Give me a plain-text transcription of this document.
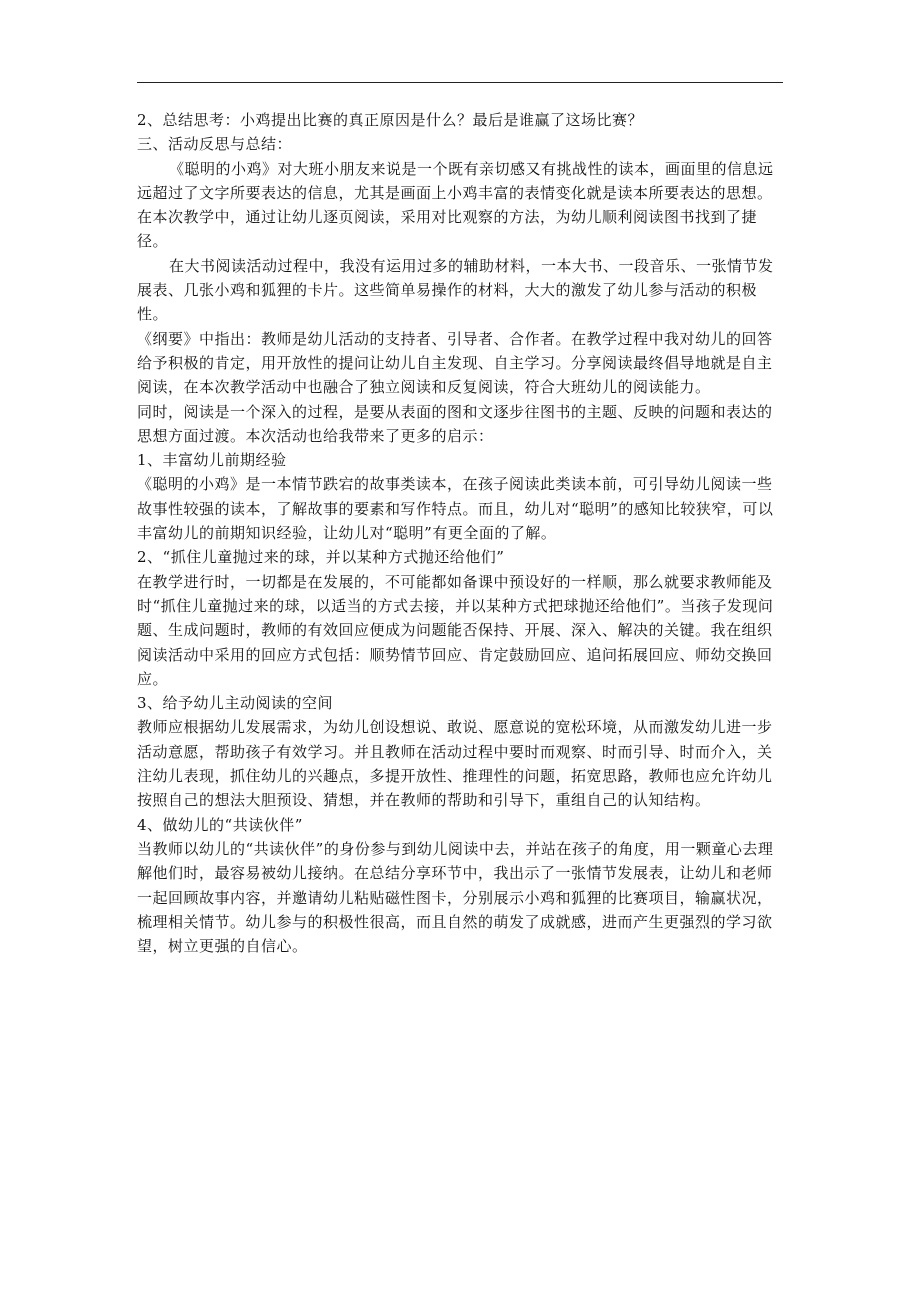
2、总结思考：小鸡提出比赛的真正原因是什么？最后是谁赢了这场比赛？

三、活动反思与总结：

《聪明的小鸡》对大班小朋友来说是一个既有亲切感又有挑战性的读本，画面里的信息远远超过了文字所要表达的信息，尤其是画面上小鸡丰富的表情变化就是读本所要表达的思想。在本次教学中，通过让幼儿逐页阅读，采用对比观察的方法，为幼儿顺利阅读图书找到了捷径。

在大书阅读活动过程中，我没有运用过多的辅助材料，一本大书、一段音乐、一张情节发展表、几张小鸡和狐狸的卡片。这些简单易操作的材料，大大的激发了幼儿参与活动的积极性。

《纲要》中指出：教师是幼儿活动的支持者、引导者、合作者。在教学过程中我对幼儿的回答给予积极的肯定，用开放性的提问让幼儿自主发现、自主学习。分享阅读最终倡导地就是自主阅读，在本次教学活动中也融合了独立阅读和反复阅读，符合大班幼儿的阅读能力。

同时，阅读是一个深入的过程，是要从表面的图和文逐步往图书的主题、反映的问题和表达的思想方面过渡。本次活动也给我带来了更多的启示：

1、丰富幼儿前期经验

《聪明的小鸡》是一本情节跌宕的故事类读本，在孩子阅读此类读本前，可引导幼儿阅读一些故事性较强的读本，了解故事的要素和写作特点。而且，幼儿对“聪明”的感知比较狭窄，可以丰富幼儿的前期知识经验，让幼儿对“聪明”有更全面的了解。

2、“抓住儿童抛过来的球，并以某种方式抛还给他们”

在教学进行时，一切都是在发展的，不可能都如备课中预设好的一样顺，那么就要求教师能及时“抓住儿童抛过来的球，以适当的方式去接，并以某种方式把球抛还给他们”。当孩子发现问题、生成问题时，教师的有效回应便成为问题能否保持、开展、深入、解决的关键。我在组织阅读活动中采用的回应方式包括：顺势情节回应、肯定鼓励回应、追问拓展回应、师幼交换回应。

3、给予幼儿主动阅读的空间

教师应根据幼儿发展需求，为幼儿创设想说、敢说、愿意说的宽松环境，从而激发幼儿进一步活动意愿，帮助孩子有效学习。并且教师在活动过程中要时而观察、时而引导、时而介入，关注幼儿表现，抓住幼儿的兴趣点，多提开放性、推理性的问题，拓宽思路，教师也应允许幼儿按照自己的想法大胆预设、猜想，并在教师的帮助和引导下，重组自己的认知结构。

4、做幼儿的“共读伙伴”

当教师以幼儿的“共读伙伴”的身份参与到幼儿阅读中去，并站在孩子的角度，用一颗童心去理解他们时，最容易被幼儿接纳。在总结分享环节中，我出示了一张情节发展表，让幼儿和老师一起回顾故事内容，并邀请幼儿粘贴磁性图卡，分别展示小鸡和狐狸的比赛项目，输赢状况，梳理相关情节。幼儿参与的积极性很高，而且自然的萌发了成就感，进而产生更强烈的学习欲望，树立更强的自信心。
